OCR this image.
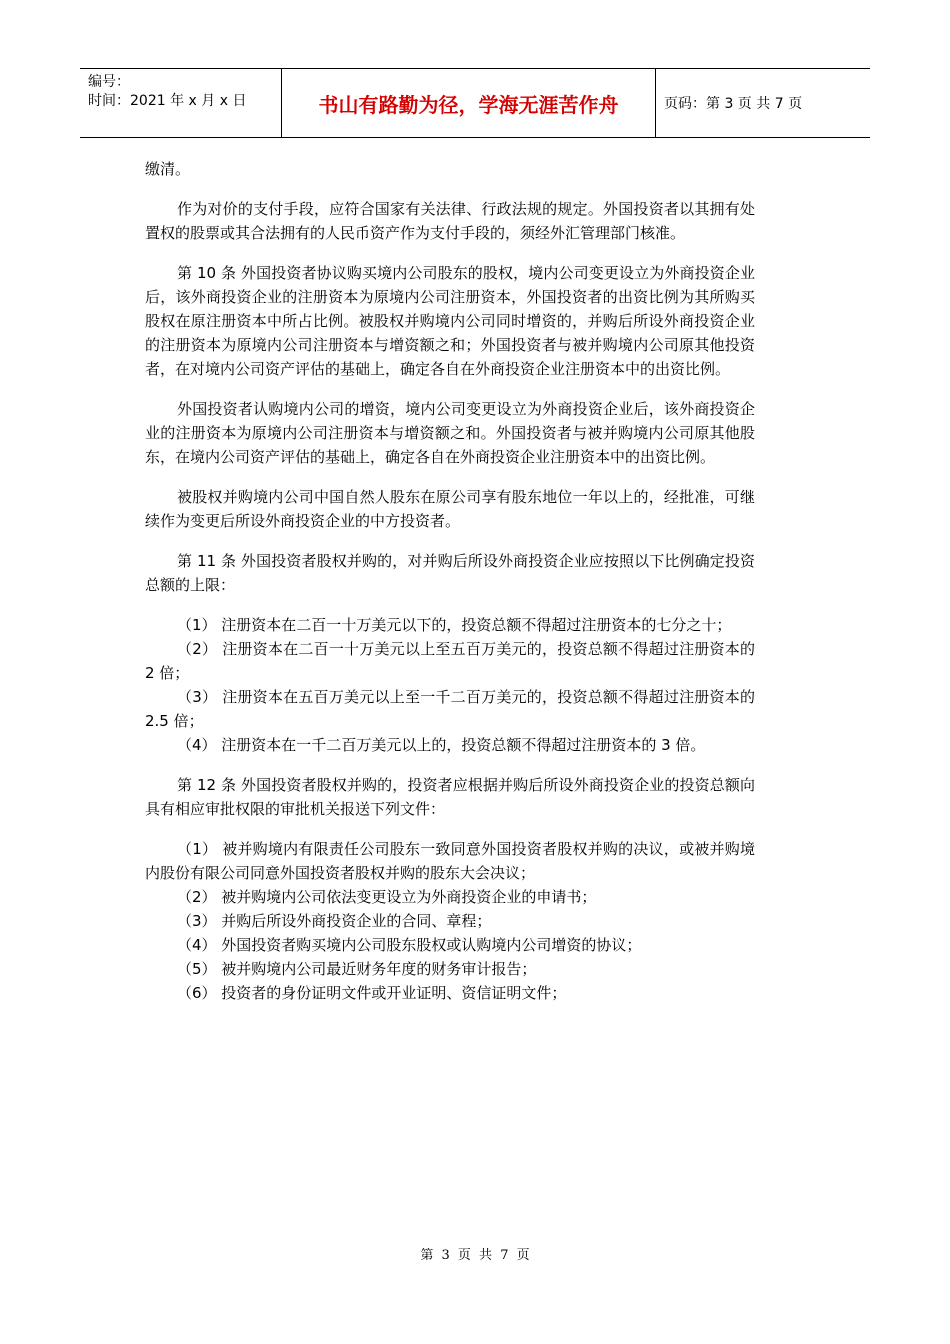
编号：
时间：2021 年 x 月 x 日	书山有路勤为径，学海无涯苦作舟	页码：第 3 页 共 7 页

缴清。

作为对价的支付手段，应符合国家有关法律、行政法规的规定。外国投资者以其拥有处置权的股票或其合法拥有的人民币资产作为支付手段的，须经外汇管理部门核准。

第 10 条 外国投资者协议购买境内公司股东的股权，境内公司变更设立为外商投资企业后，该外商投资企业的注册资本为原境内公司注册资本，外国投资者的出资比例为其所购买股权在原注册资本中所占比例。被股权并购境内公司同时增资的，并购后所设外商投资企业的注册资本为原境内公司注册资本与增资额之和；外国投资者与被并购境内公司原其他投资者，在对境内公司资产评估的基础上，确定各自在外商投资企业注册资本中的出资比例。

外国投资者认购境内公司的增资，境内公司变更设立为外商投资企业后，该外商投资企业的注册资本为原境内公司注册资本与增资额之和。外国投资者与被并购境内公司原其他股东，在境内公司资产评估的基础上，确定各自在外商投资企业注册资本中的出资比例。

被股权并购境内公司中国自然人股东在原公司享有股东地位一年以上的，经批准，可继续作为变更后所设外商投资企业的中方投资者。

第 11 条 外国投资者股权并购的，对并购后所设外商投资企业应按照以下比例确定投资总额的上限：

（1） 注册资本在二百一十万美元以下的，投资总额不得超过注册资本的七分之十；

（2） 注册资本在二百一十万美元以上至五百万美元的，投资总额不得超过注册资本的 2 倍；

（3） 注册资本在五百万美元以上至一千二百万美元的，投资总额不得超过注册资本的 2.5 倍；

（4） 注册资本在一千二百万美元以上的，投资总额不得超过注册资本的 3 倍。

第 12 条 外国投资者股权并购的，投资者应根据并购后所设外商投资企业的投资总额向具有相应审批权限的审批机关报送下列文件：

（1） 被并购境内有限责任公司股东一致同意外国投资者股权并购的决议，或被并购境内股份有限公司同意外国投资者股权并购的股东大会决议；

（2） 被并购境内公司依法变更设立为外商投资企业的申请书；

（3） 并购后所设外商投资企业的合同、章程；

（4） 外国投资者购买境内公司股东股权或认购境内公司增资的协议；

（5） 被并购境内公司最近财务年度的财务审计报告；

（6） 投资者的身份证明文件或开业证明、资信证明文件；

第 3 页 共 7 页
